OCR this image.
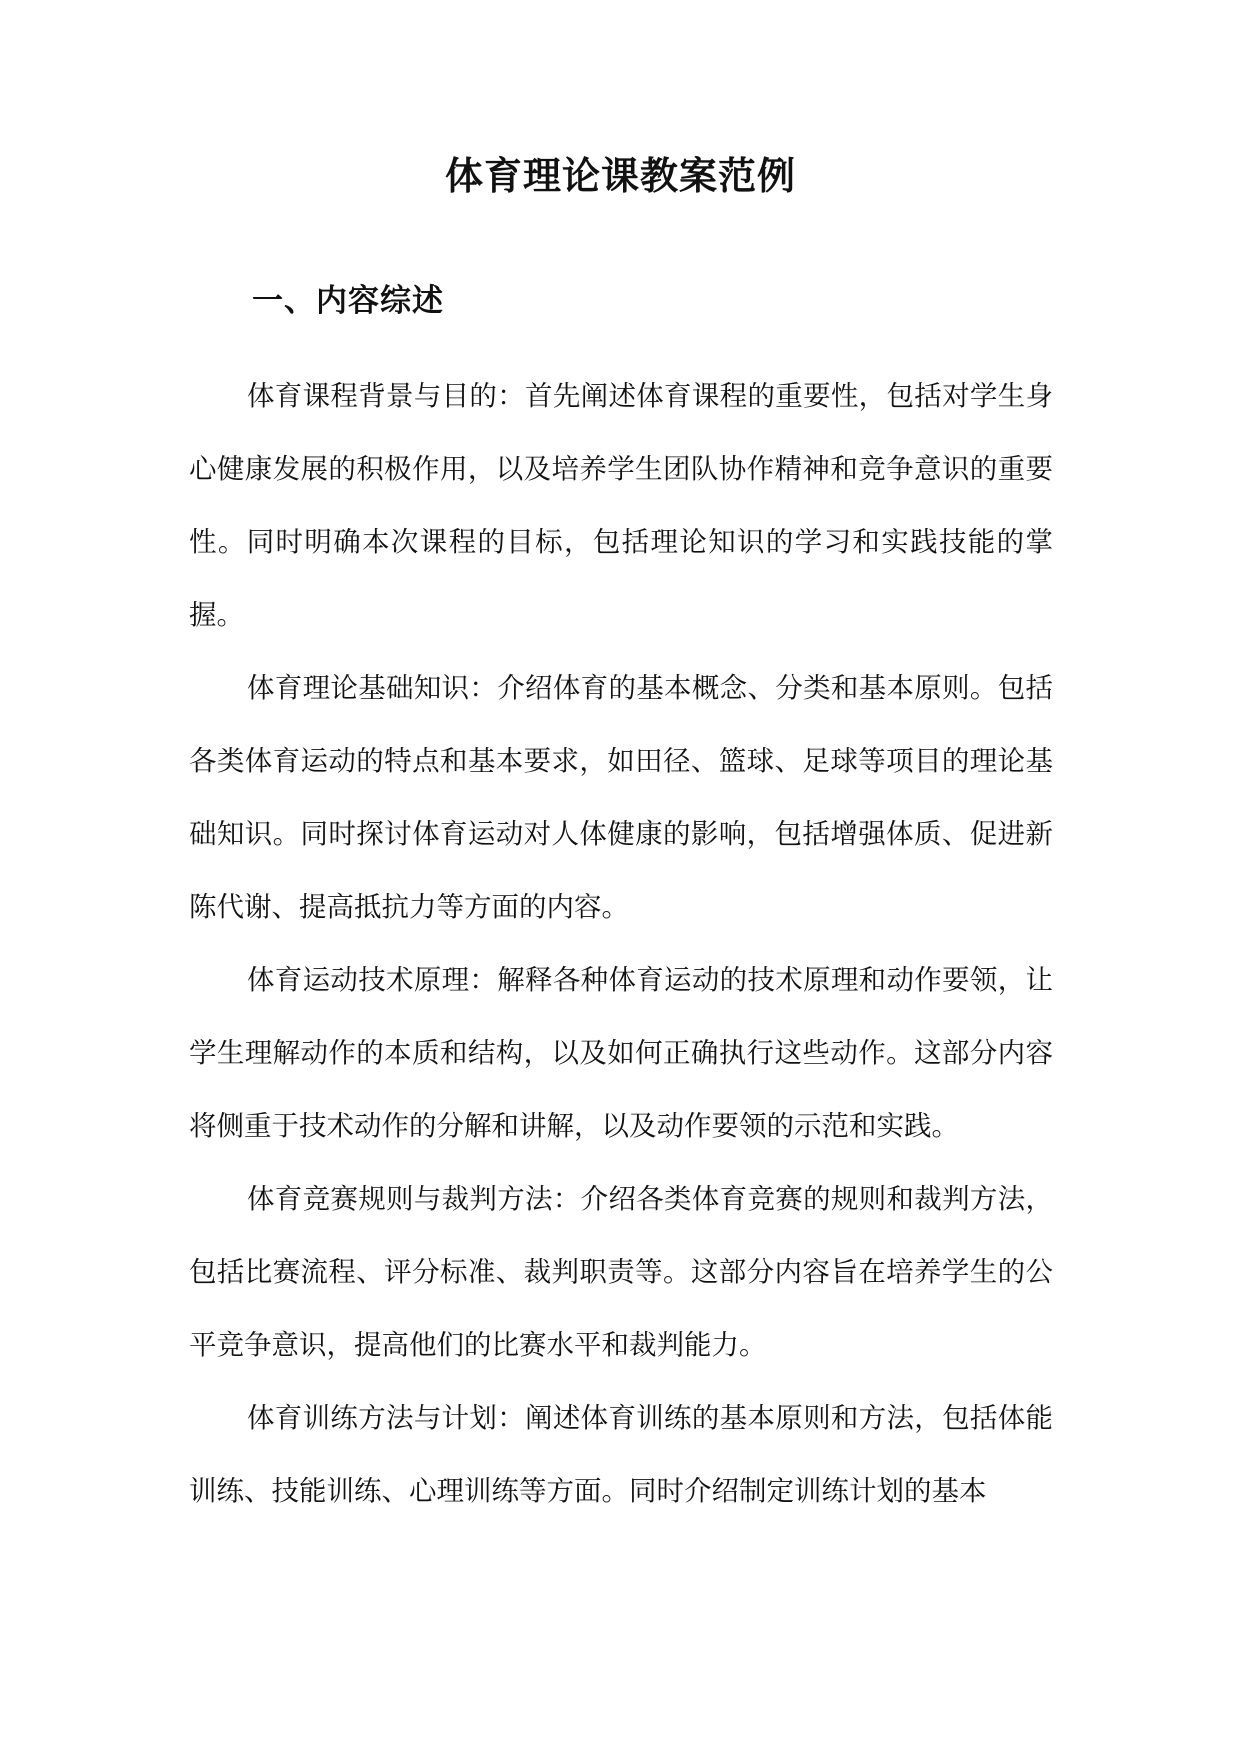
体育理论课教案范例
一、内容综述

体育课程背景与目的：首先阐述体育课程的重要性，包括对学生身心健康发展的积极作用，以及培养学生团队协作精神和竞争意识的重要性。同时明确本次课程的目标，包括理论知识的学习和实践技能的掌握。

体育理论基础知识：介绍体育的基本概念、分类和基本原则。包括各类体育运动的特点和基本要求，如田径、篮球、足球等项目的理论基础知识。同时探讨体育运动对人体健康的影响，包括增强体质、促进新陈代谢、提高抵抗力等方面的内容。

体育运动技术原理：解释各种体育运动的技术原理和动作要领，让学生理解动作的本质和结构，以及如何正确执行这些动作。这部分内容将侧重于技术动作的分解和讲解，以及动作要领的示范和实践。

体育竞赛规则与裁判方法：介绍各类体育竞赛的规则和裁判方法，包括比赛流程、评分标准、裁判职责等。这部分内容旨在培养学生的公平竞争意识，提高他们的比赛水平和裁判能力。

体育训练方法与计划：阐述体育训练的基本原则和方法，包括体能训练、技能训练、心理训练等方面。同时介绍制定训练计划的基本
